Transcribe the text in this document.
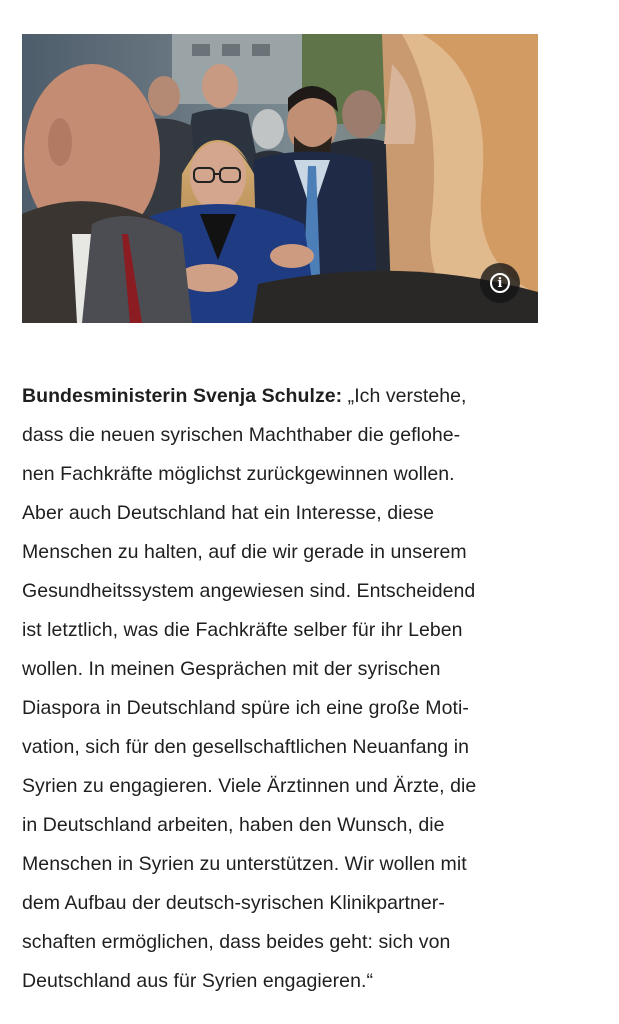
i

Bundesministerin Svenja Schulze: „Ich verstehe,
dass die neuen syrischen Machthaber die geflohe-
nen Fachkräfte möglichst zurückgewinnen wollen.
Aber auch Deutschland hat ein Interesse, diese
Menschen zu halten, auf die wir gerade in unserem
Gesundheitssystem angewiesen sind. Entscheidend
ist letztlich, was die Fachkräfte selber für ihr Leben
wollen. In meinen Gesprächen mit der syrischen
Diaspora in Deutschland spüre ich eine große Moti-
vation, sich für den gesellschaftlichen Neuanfang in
Syrien zu engagieren. Viele Ärztinnen und Ärzte, die
in Deutschland arbeiten, haben den Wunsch, die
Menschen in Syrien zu unterstützen. Wir wollen mit
dem Aufbau der deutsch-syrischen Klinikpartner-
schaften ermöglichen, dass beides geht: sich von
Deutschland aus für Syrien engagieren.“
